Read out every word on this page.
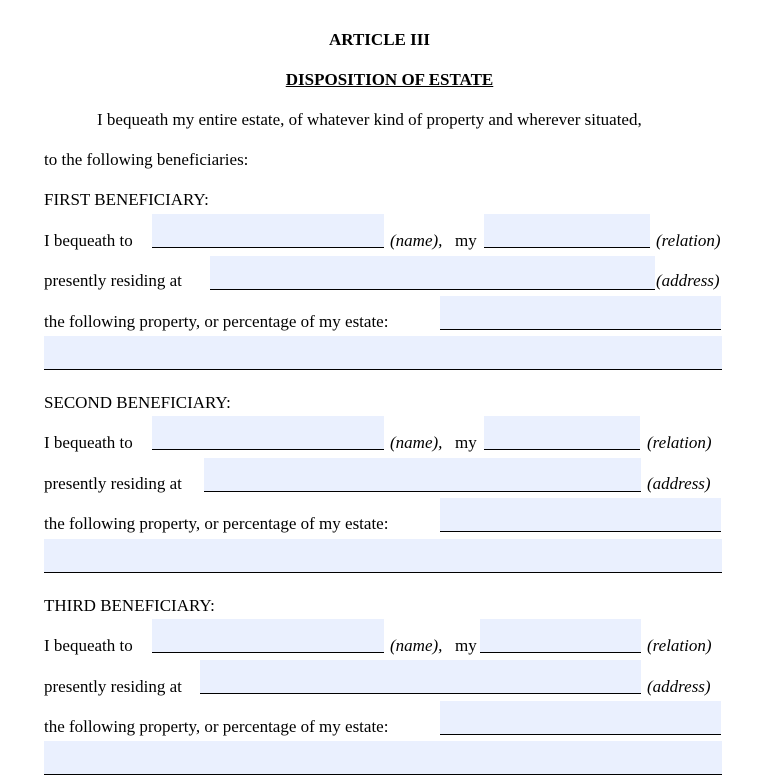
ARTICLE III
DISPOSITION OF ESTATE
I bequeath my entire estate, of whatever kind of property and wherever situated,
to the following beneficiaries:
FIRST BENEFICIARY:
I bequeath to	(name), my	(relation)
presently residing at	(address)
the following property, or percentage of my estate:
SECOND BENEFICIARY:
I bequeath to	(name), my	(relation)
presently residing at	(address)
the following property, or percentage of my estate:
THIRD BENEFICIARY:
I bequeath to	(name), my	(relation)
presently residing at	(address)
the following property, or percentage of my estate:
